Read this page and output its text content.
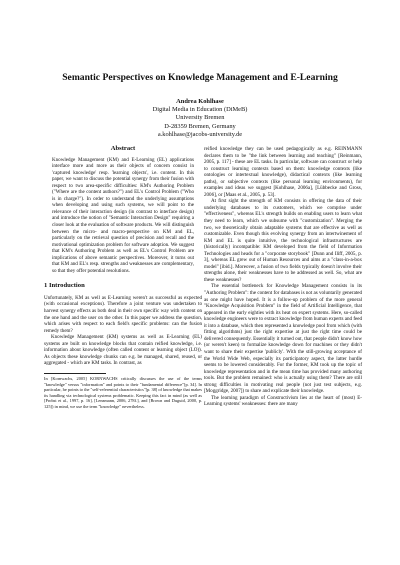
Semantic Perspectives on Knowledge Management and E-Learning
Andrea Kohlhase
Digital Media in Education (DiMeB)
University Bremen
D-28359 Bremen, Germany
a.kohlhase@jacobs-university.de
Abstract

Knowledge Management (KM) and E-Learning (EL) applications interface more and more as their objects of concern consist in 'captured knowledge' resp. 'learning objects', i.e. content. In this paper, we want to discuss the potential synergy from their fusion with respect to two area-specific difficulties: KM's Authoring Problem ("Where are the content authors?") and EL's Control Problem ("Who is in charge?"). In order to understand the underlying assumptions when developing and using such systems, we will point to the relevance of their interaction design (in contrast to interface design) and introduce the notion of "Semantic Interaction Design" requiring a closer look at the evaluation of software products. We will distinguish between the micro- and macro-perspective on KM and EL, particularly on the retrieval question of precision and recall and the motivational optimization problem for software adoption. We suggest that KM's Authoring Problem as well as EL's Control Problem are implications of above semantic perspectives. Moreover, it turns out that KM and EL's resp. strengths and weaknesses are complementary, so that they offer potential resolutions.

1 Introduction

Unfortunately, KM as well as E-Learning weren't as successful as expected (with occasional exceptions). Therefore a joint venture was undertaken to harvest synergy effects as both deal in their own specific way with content on the one hand and the user on the other. In this paper we address the question, which arises with respect to each field's specific problems: can the fusion remedy them?

Knowledge Management (KM) systems as well as E-Learning (EL) systems are built on knowledge blocks that contain reified knowledge, i.e. information about knowledge (often called content or learning object (LO)). As objects these knowledge chunks can e.g. be managed, shared, reused, or aggregated - which are KM tasks. In contrast, as

In [Kornwachs, 2005] KORNWACHS critically discusses the use of the terms "knowledge" versus "information" and points to their "fundamental difference"[p. 34]. In particular, he points to the "self-referential characteristics"[p. 38] of knowledge that makes its handling via technological systems problematic. Keeping this fact in mind (as well as [Probst et al., 1997, p. 16], [Lenzmann, 2006, 278f.], and [Brown and Duguid, 2000, p. 125]) in mind, we use the term "knowledge" nevertheless.

reified knowledge they can be used pedagogically as e.g. REINMANN declares them to be "the link between learning and teaching" [Reinmann, 2005, p. 117] - these are EL tasks. In particular, software can construct or help to construct learning contexts based on them: knowledge contexts (like ontologies or intertextual knowledge), didactical contexts (like learning paths), or subjective contexts (like personal learning environments), for examples and ideas we suggest [Kohlhase, 2006a], [Lübbecke and Gross, 2006], or [Maas et al., 2005, p. 53].

At first sight the strength of KM consists in offering the data of their underlying databases to its customers, which we comprise under "effectiveness", whereas EL's strength builds on enabling users to learn what they need to learn, which we subsume with "customization". Merging the two, we theoretically obtain adaptable systems that are effective as well as customizable. Even though this evolving synergy from an intertwinement of KM and EL is quite intuitive, the technological infrastructures are (historically) incompatible: KM developed from the field of Information Technologies and heads for a "corporate storybook" [Dunn and Iliff, 2005, p. 3], whereas EL grew out of Human Resources and aims at a "class-in-a-box model" [ibid.]. Moreover, a fusion of two fields typically doesn't involve their strengths alone, their weaknesses have to be addressed as well. So, what are these weaknesses?

The essential bottleneck for Knowledge Management consists in its "Authoring Problem": the content for databases is not as voluntarily generated as one might have hoped. It is a follow-up problem of the more general "Knowledge Acquisition Problem" in the field of Artificial Intelligence, that appeared in the early eighties with its heat on expert systems. Here, so-called knowledge engineers were to extract knowledge from human experts and feed it into a database, which then represented a knowledge pool from which (with fitting algorithms) just the right expertise at just the right time could be delivered consequently. Essentially it turned out, that people didn't know how (or weren't keen) to formalize knowledge down for machines or they didn't want to share their expertise 'publicly'. With the still-growing acceptance of the World Wide Web, especially its participatory aspect, the latter hurdle seems to be lowered considerably. For the former, KM took up the topic of knowledge representation and in the mean time has provided many authoring tools. But the problem remained: who is actually using them? There are still strong difficulties in motivating real people (not just test subjects, e.g. [Moggridge, 2007]) to share and explicate their knowledge.

The learning paradigm of Constructivism lies at the heart of (most) E-Learning systems' weaknesses: there are many
